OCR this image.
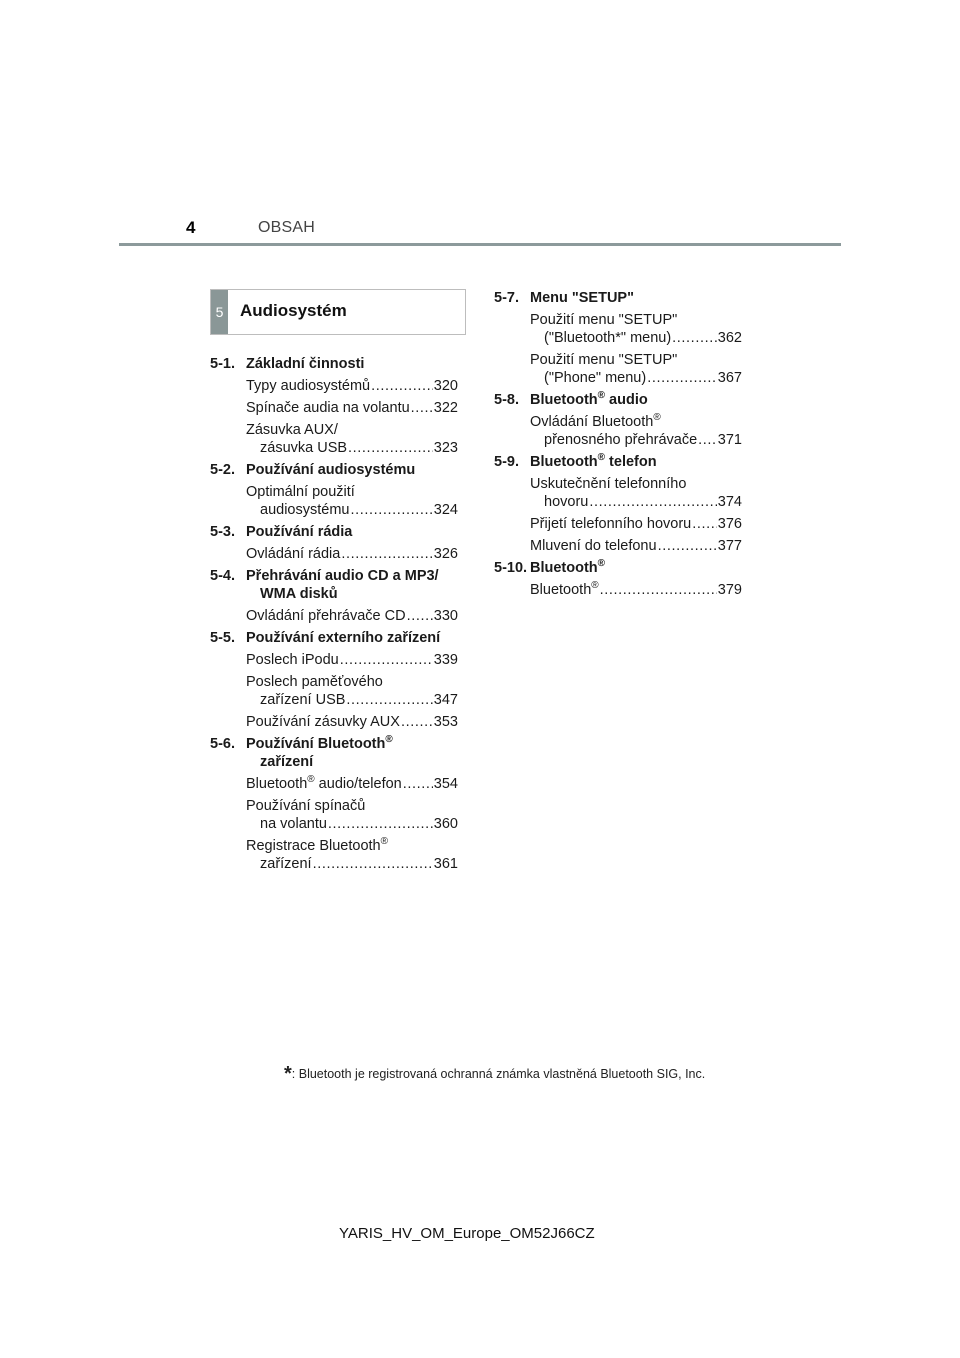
4	OBSAH
5 Audiosystém
5-1. Základní činnosti
Typy audiosystémů .....	320
Spínače audia na volantu ..... 322
Zásuvka AUX/
zásuvka USB .....	323
5-2. Používání audiosystému
Optimální použití
audiosystému .....	324
5-3. Používání rádia
Ovládání rádia .....	326
5-4. Přehrávání audio CD a MP3/
WMA disků
Ovládání přehrávače CD ..... 330
5-5. Používání externího zařízení
Poslech iPodu .....	339
Poslech paměťového
zařízení USB .....	347
Používání zásuvky AUX ..... 353
5-6. Používání Bluetooth®
zařízení
Bluetooth® audio/telefon ..... 354
Používání spínačů
na volantu .....	360
Registrace Bluetooth®
zařízení .....	361
5-7. Menu "SETUP"
Použití menu "SETUP"
("Bluetooth*" menu) .....	362
Použití menu "SETUP"
("Phone" menu) .....	367
5-8. Bluetooth® audio
Ovládání Bluetooth®
přenosného přehrávače ..... 371
5-9. Bluetooth® telefon
Uskutečnění telefonního
hovoru .....	374
Přijetí telefonního hovoru ..... 376
Mluvení do telefonu .....	377
5-10. Bluetooth®
Bluetooth® .....	379
*: Bluetooth je registrovaná ochranná známka vlastněná Bluetooth SIG, Inc.
YARIS_HV_OM_Europe_OM52J66CZ
